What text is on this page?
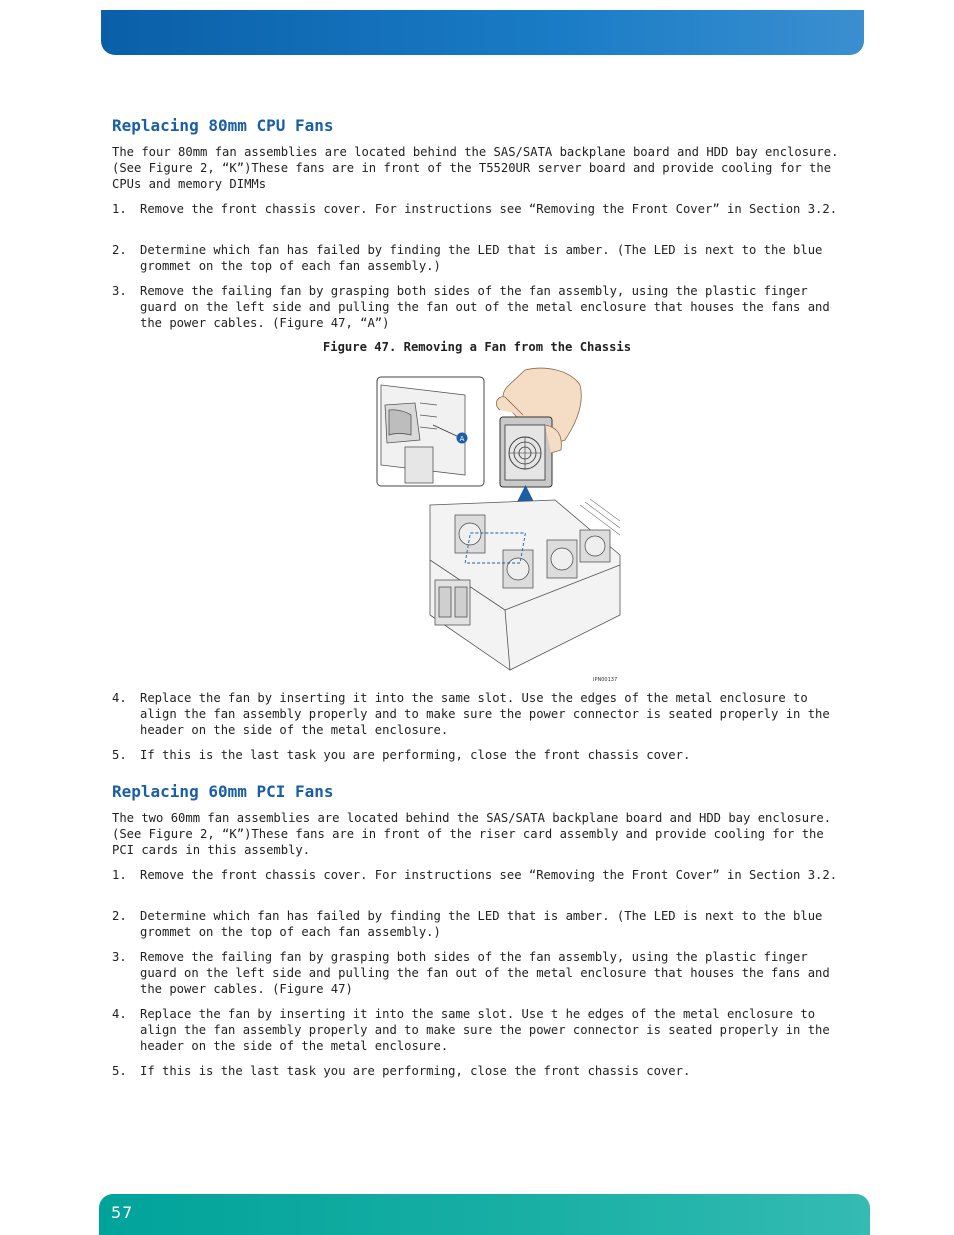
Replacing 80mm CPU Fans

The four 80mm fan assemblies are located behind the SAS/SATA backplane board and HDD bay enclosure. (See Figure 2, “K”)These fans are in front of the T5520UR server board and provide cooling for the CPUs and memory DIMMs

1.	Remove the front chassis cover. For instructions see “Removing the Front Cover” in Section 3.2.
2.	Determine which fan has failed by finding the LED that is amber. (The LED is next to the blue grommet on the top of each fan assembly.)
3.	Remove the failing fan by grasping both sides of the fan assembly, using the plastic finger guard on the left side and pulling the fan out of the metal enclosure that houses the fans and the power cables. (Figure 47, “A”)
Figure 47. Removing a Fan from the Chassis
4.	Replace the fan by inserting it into the same slot. Use the edges of the metal enclosure to align the fan assembly properly and to make sure the power connector is seated properly in the header on the side of the metal enclosure.
5.	If this is the last task you are performing, close the front chassis cover.
Replacing 60mm PCI Fans

The two 60mm fan assemblies are located behind the SAS/SATA backplane board and HDD bay enclosure. (See Figure 2, “K”)These fans are in front of the riser card assembly and provide cooling for the PCI cards in this assembly.

1.	Remove the front chassis cover. For instructions see “Removing the Front Cover” in Section 3.2.
2.	Determine which fan has failed by finding the LED that is amber. (The LED is next to the blue grommet on the top of each fan assembly.)
3.	Remove the failing fan by grasping both sides of the fan assembly, using the plastic finger guard on the left side and pulling the fan out of the metal enclosure that houses the fans and the power cables. (Figure 47)
4.	Replace the fan by inserting it into the same slot. Use t he edges of the metal enclosure to align the fan assembly properly and to make sure the power connector is seated properly in the header on the side of the metal enclosure.
5.	If this is the last task you are performing, close the front chassis cover.
A
IPN00137
57
